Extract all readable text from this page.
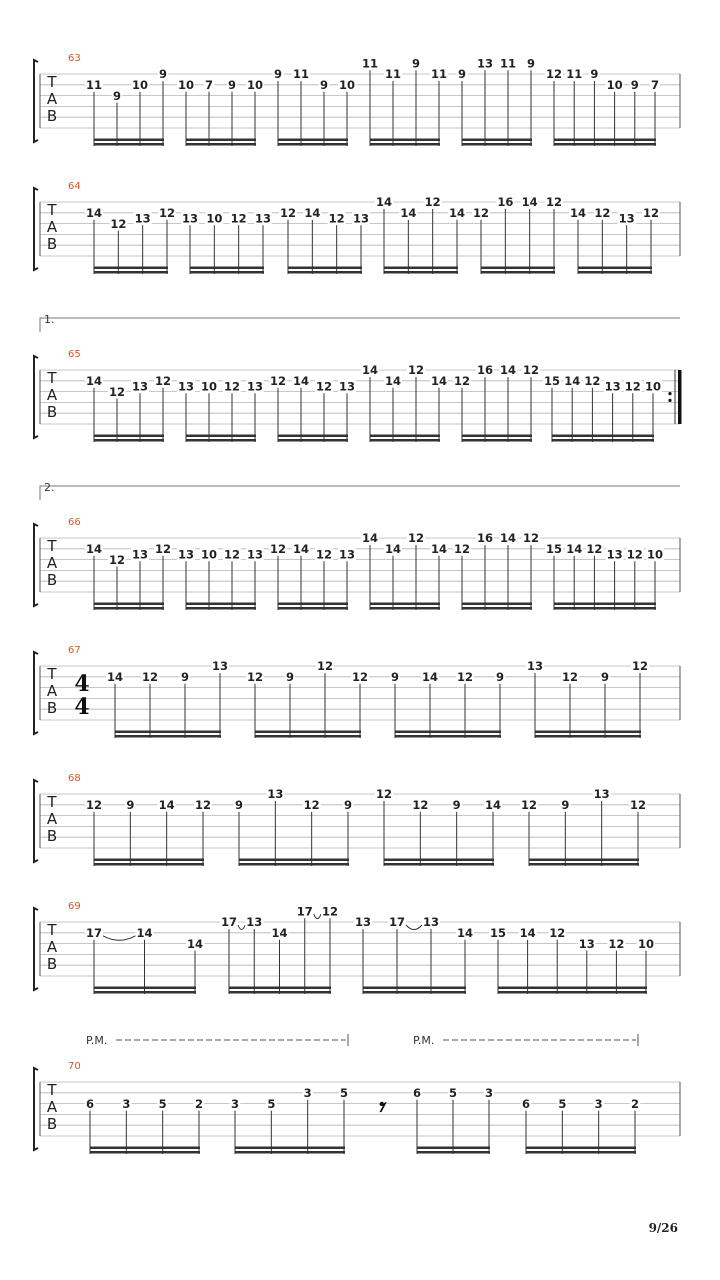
T
A
B
63
11
9
10
9
10 7 9 10
9 11
9 10
11
11
9
11 9
13 11 9
12 11 9
10 9 7
T
A
B
64
14
12 13 12 13 10 12 13 12 14 12 13
14
14
12
14 12
16 14 12
14 12 13 12
T
A
B
65
1.
14
12 13 12 13 10 12 13 12 14 12 13
14
14
12
14 12
16 14 12
15 14 12 13 12 10
T
A
B
66
2.
14
12 13 12 13 10 12 13 12 14 12 13
14
14
12
14 12
16 14 12
15 14 12 13 12 10
T
A
B
67
4
4
14 12 9
13
12 9
12
12 9 14 12 9
13
12 9
12
T
A
B
68
12 9 14 12 9
13
12 9
12
12 9 14 12 9
13
12
T
A
B
69
17	14
14
17 13
14
17 12
13 17 13
14 15 14 12
13 12 10
T
A
B
70
P.M.	P.M.
𝄾
6 3 5 2 3 5
3 5	6 5 3
6 5 3 2
9/26
